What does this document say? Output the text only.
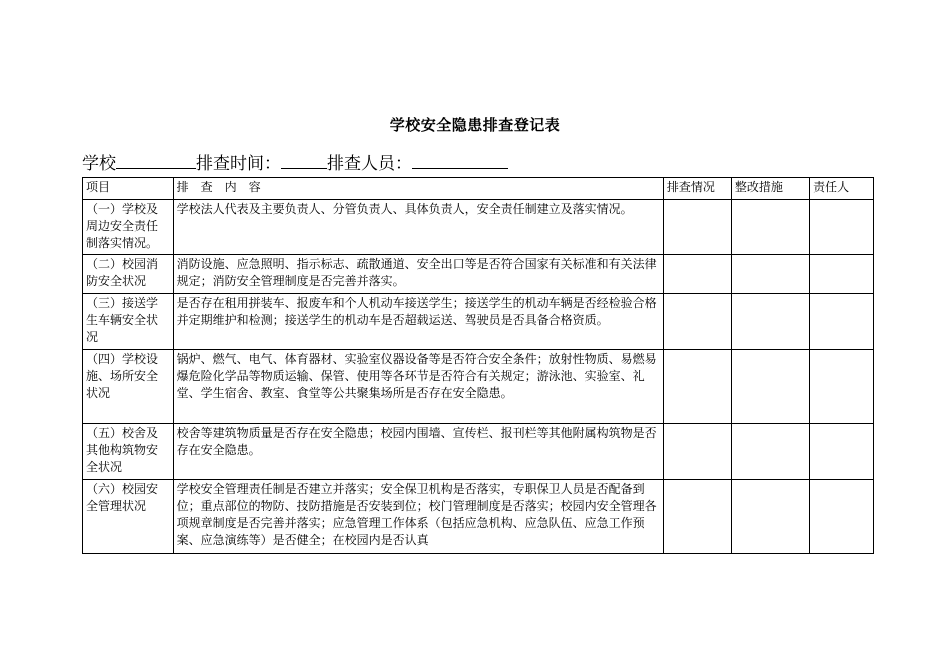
学校安全隐患排查登记表
学校	排查时间：	排查人员：
项目	排　查　内　容	排查情况	整改措施	责任人
（一）学校及周边安全责任制落实情况。	学校法人代表及主要负责人、分管负责人、具体负责人，安全责任制建立及落实情况。			
（二）校园消防安全状况	消防设施、应急照明、指示标志、疏散通道、安全出口等是否符合国家有关标准和有关法律规定；消防安全管理制度是否完善并落实。			
（三）接送学生车辆安全状况	是否存在租用拼装车、报废车和个人机动车接送学生；接送学生的机动车辆是否经检验合格并定期维护和检测；接送学生的机动车是否超载运送、驾驶员是否具备合格资质。			
（四）学校设施、场所安全状况	锅炉、燃气、电气、体育器材、实验室仪器设备等是否符合安全条件；放射性物质、易燃易爆危险化学品等物质运输、保管、使用等各环节是否符合有关规定；游泳池、实验室、礼堂、学生宿舍、教室、食堂等公共聚集场所是否存在安全隐患。			
（五）校舍及其他构筑物安全状况	校舍等建筑物质量是否存在安全隐患；校园内围墙、宣传栏、报刊栏等其他附属构筑物是否存在安全隐患。			
（六）校园安全管理状况	学校安全管理责任制是否建立并落实；安全保卫机构是否落实，专职保卫人员是否配备到位；重点部位的物防、技防措施是否安装到位；校门管理制度是否落实；校园内安全管理各项规章制度是否完善并落实；应急管理工作体系（包括应急机构、应急队伍、应急工作预案、应急演练等）是否健全；在校园内是否认真			
